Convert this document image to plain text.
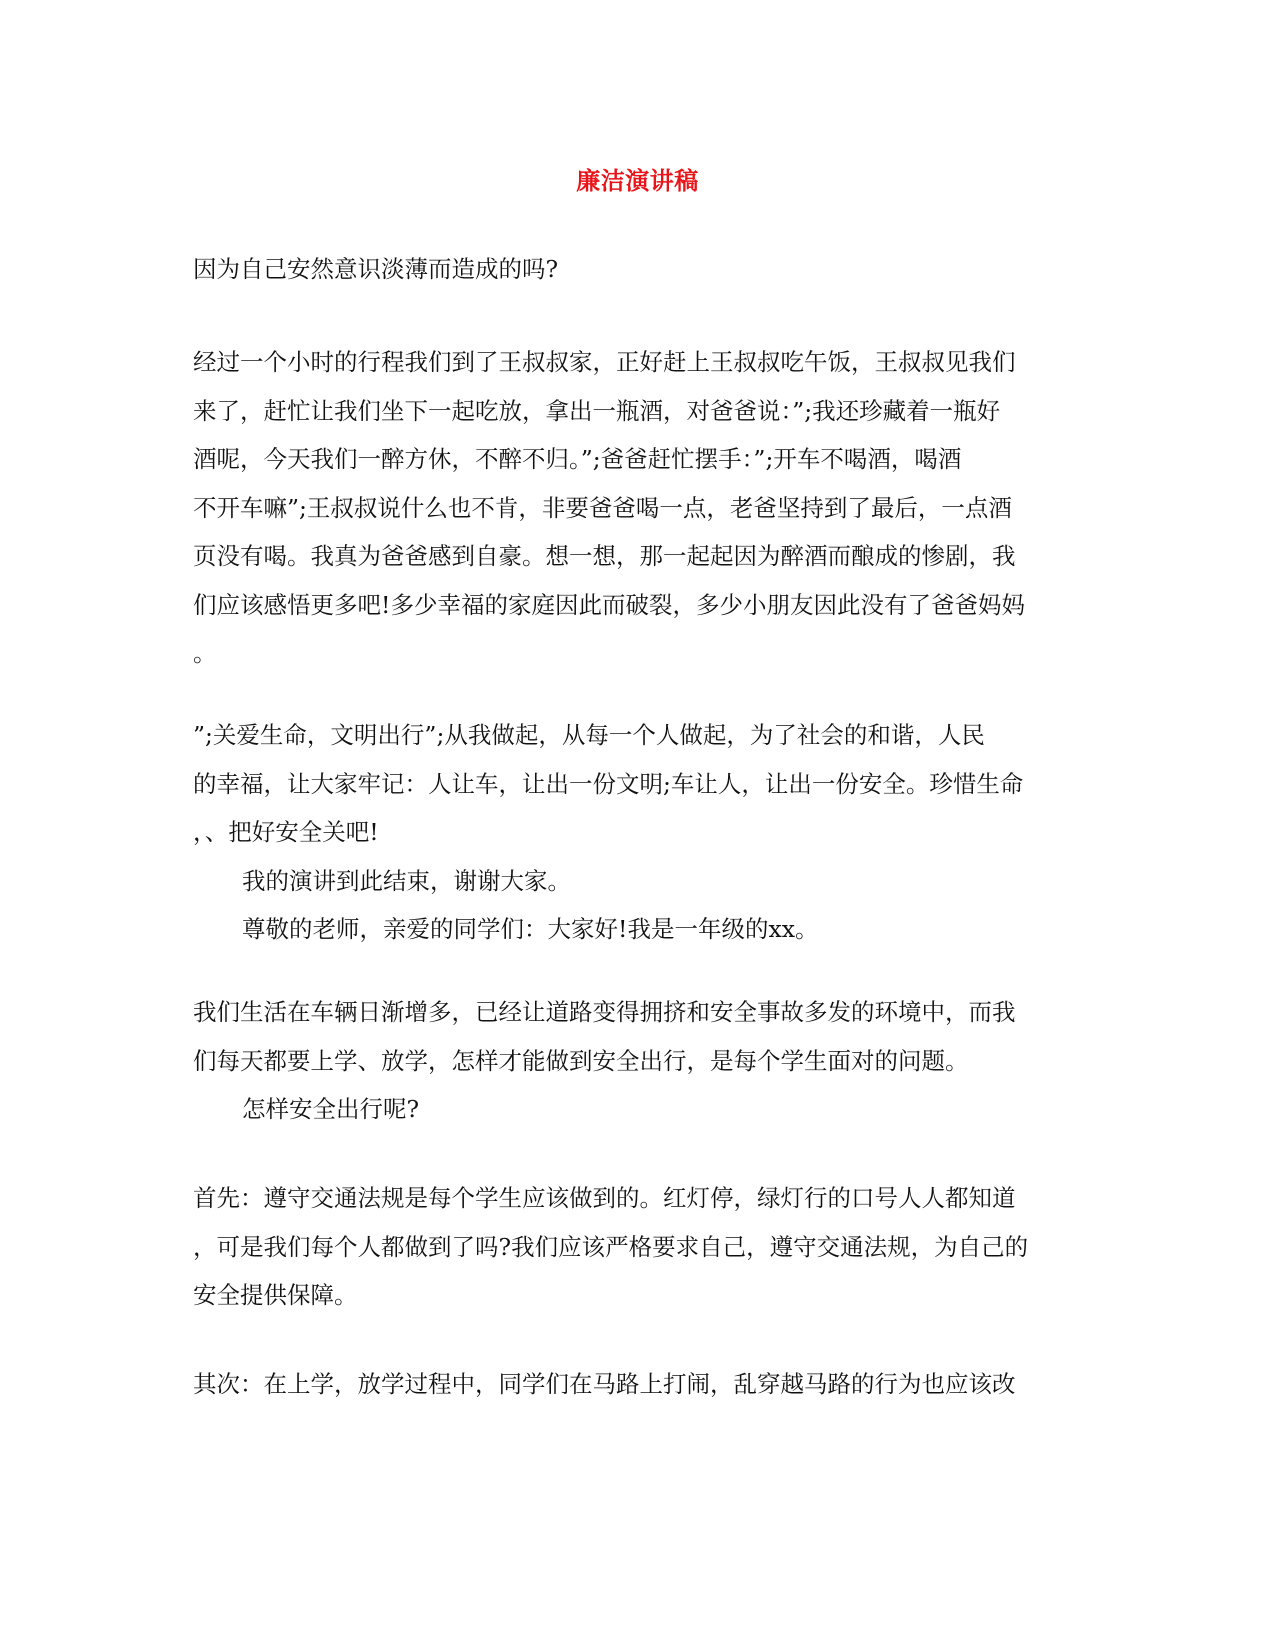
廉洁演讲稿
因为自己安然意识淡薄而造成的吗?
经过一个小时的行程我们到了王叔叔家，正好赶上王叔叔吃午饭，王叔叔见我们
来了，赶忙让我们坐下一起吃放，拿出一瓶酒，对爸爸说：”;我还珍藏着一瓶好
酒呢，今天我们一醉方休，不醉不归。”;爸爸赶忙摆手：”;开车不喝酒，喝酒
不开车嘛”;王叔叔说什么也不肯，非要爸爸喝一点，老爸坚持到了最后，一点酒
页没有喝。我真为爸爸感到自豪。想一想，那一起起因为醉酒而酿成的惨剧，我
们应该感悟更多吧!多少幸福的家庭因此而破裂，多少小朋友因此没有了爸爸妈妈
。
”;关爱生命，文明出行”;从我做起，从每一个人做起，为了社会的和谐，人民
的幸福，让大家牢记：人让车，让出一份文明;车让人，让出一份安全。珍惜生命
，、把好安全关吧!
我的演讲到此结束，谢谢大家。
尊敬的老师，亲爱的同学们：大家好!我是一年级的xx。
我们生活在车辆日渐增多，已经让道路变得拥挤和安全事故多发的环境中，而我
们每天都要上学、放学，怎样才能做到安全出行，是每个学生面对的问题。
怎样安全出行呢?
首先：遵守交通法规是每个学生应该做到的。红灯停，绿灯行的口号人人都知道
，可是我们每个人都做到了吗?我们应该严格要求自己，遵守交通法规，为自己的
安全提供保障。
其次：在上学，放学过程中，同学们在马路上打闹，乱穿越马路的行为也应该改
